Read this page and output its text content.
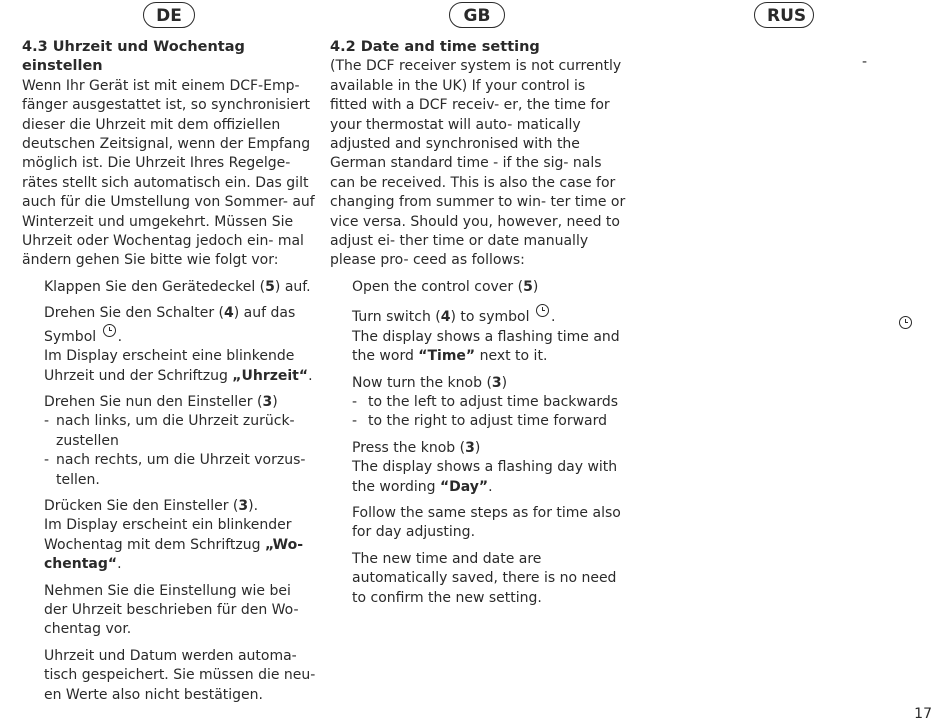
DE	GB	RUS

4.3 Uhrzeit und Wochentag einstellen

Wenn Ihr Gerät ist mit einem DCF-Emp- fänger ausgestattet ist, so synchronisiert dieser die Uhrzeit mit dem offiziellen deutschen Zeitsignal, wenn der Empfang möglich ist. Die Uhrzeit Ihres Regelge- rätes stellt sich automatisch ein. Das gilt auch für die Umstellung von Sommer- auf Winterzeit und umgekehrt. Müssen Sie Uhrzeit oder Wochentag jedoch ein- mal ändern gehen Sie bitte wie folgt vor:

Klappen Sie den Gerätedeckel (5) auf.

Drehen Sie den Schalter (4) auf das Symbol .
Im Display erscheint eine blinkende Uhrzeit und der Schriftzug „Uhrzeit“.

Drehen Sie nun den Einsteller (3)

- nach links, um die Uhrzeit zurück- zustellen
- nach rechts, um die Uhrzeit vorzus- tellen.

Drücken Sie den Einsteller (3).
Im Display erscheint ein blinkender Wochentag mit dem Schriftzug „Wo- chentag“.

Nehmen Sie die Einstellung wie bei der Uhrzeit beschrieben für den Wo- chentag vor.

Uhrzeit und Datum werden automa- tisch gespeichert. Sie müssen die neu- en Werte also nicht bestätigen.

4.2 Date and time setting

(The DCF receiver system is not currently available in the UK) If your control is fitted with a DCF receiv- er, the time for your thermostat will auto- matically adjusted and synchronised with the German standard time - if the sig- nals can be received. This is also the case for changing from summer to win- ter time or vice versa. Should you, however, need to adjust ei- ther time or date manually please pro- ceed as follows:

Open the control cover (5)

Turn switch (4) to symbol .
The display shows a flashing time and the word “Time” next to it.

Now turn the knob (3)

- to the left to adjust time backwards
- to the right to adjust time forward

Press the knob (3)
The display shows a flashing day with the wording “Day”.

Follow the same steps as for time also for day adjusting.

The new time and date are automatically saved, there is no need to confirm the new setting.

-
17
